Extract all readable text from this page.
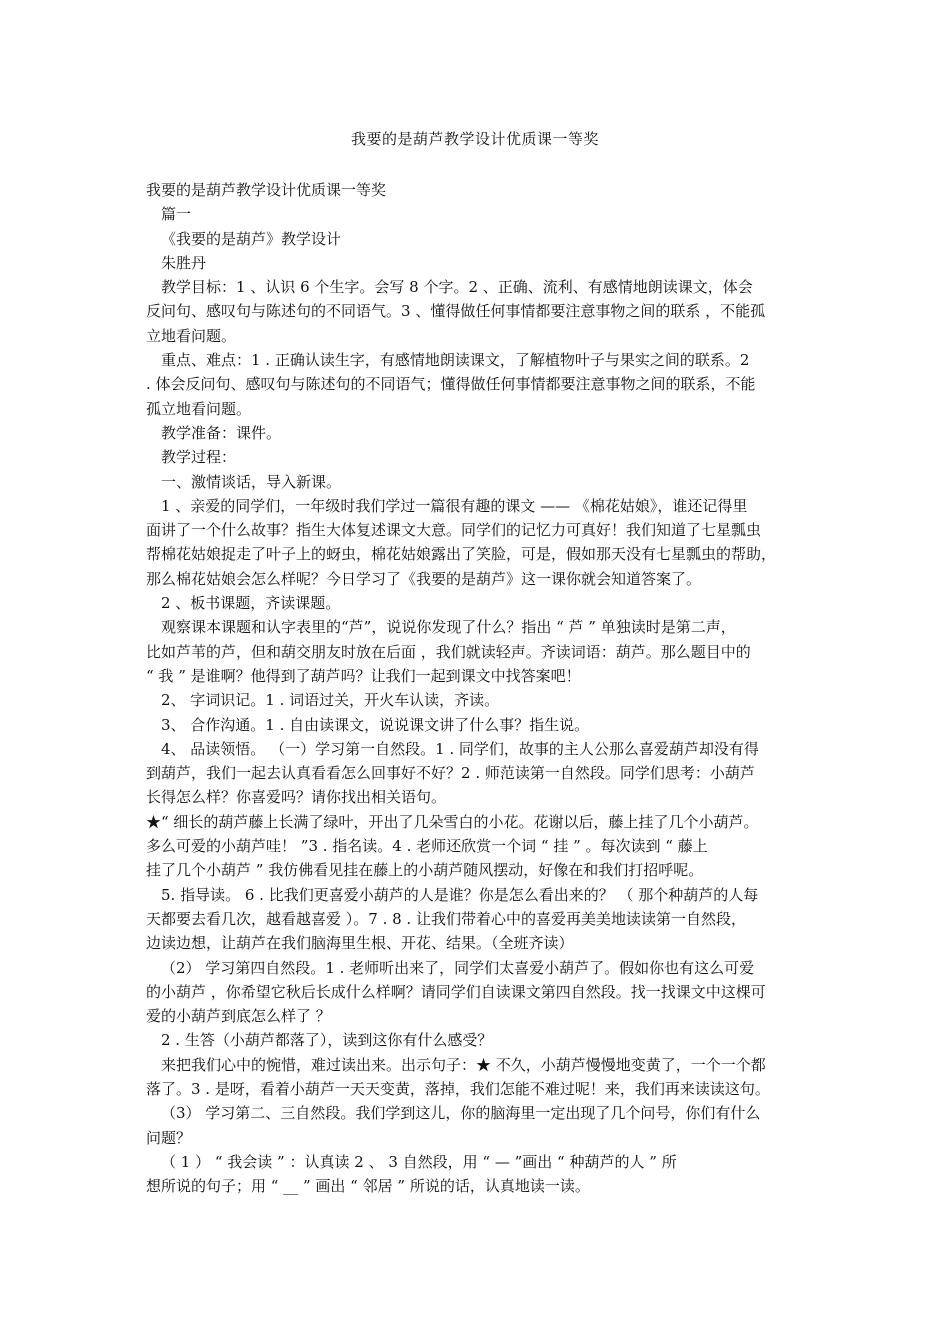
我要的是葫芦教学设计优质课一等奖

我要的是葫芦教学设计优质课一等奖

篇一

《我要的是葫芦》教学设计

朱胜丹

教学目标：1 、认识 6 个生字。会写 8 个字。2 、正确、流利、有感情地朗读课文，体会

反问句、感叹句与陈述句的不同语气。3 、懂得做任何事情都要注意事物之间的联系 ，不能孤

立地看问题。

重点、难点：1 . 正确认读生字，有感情地朗读课文，了解植物叶子与果实之间的联系。2

. 体会反问句、感叹句与陈述句的不同语气；懂得做任何事情都要注意事物之间的联系，不能

孤立地看问题。

教学准备：课件。

教学过程：

一、激情谈话，导入新课。

1 、亲爱的同学们，一年级时我们学过一篇很有趣的课文 —— 《棉花姑娘》，谁还记得里

面讲了一个什么故事？指生大体复述课文大意。同学们的记忆力可真好！我们知道了七星瓢虫

帮棉花姑娘捉走了叶子上的蚜虫，棉花姑娘露出了笑脸，可是，假如那天没有七星瓢虫的帮助，

那么棉花姑娘会怎么样呢？今日学习了《我要的是葫芦》这一课你就会知道答案了。

2 、板书课题，齐读课题。

观察课本课题和认字表里的“芦”，说说你发现了什么？指出 “ 芦 ” 单独读时是第二声，

比如芦苇的芦，但和葫交朋友时放在后面 ，我们就读轻声。齐读词语：葫芦。那么题目中的

“ 我 ” 是谁啊？他得到了葫芦吗？让我们一起到课文中找答案吧！

2、 字词识记。1 . 词语过关，开火车认读，齐读。

3、 合作沟通。1 . 自由读课文，说说课文讲了什么事？指生说。

4、 品读领悟。 （一）学习第一自然段。1 . 同学们，故事的主人公那么喜爱葫芦却没有得

到葫芦，我们一起去认真看看怎么回事好不好？2 . 师范读第一自然段。同学们思考：小葫芦

长得怎么样？你喜爱吗？请你找出相关语句。

★“ 细长的葫芦藤上长满了绿叶，开出了几朵雪白的小花。花谢以后，藤上挂了几个小葫芦。

多么可爱的小葫芦哇！ ”3 . 指名读。4 . 老师还欣赏一个词 “ 挂 ” 。每次读到 “ 藤上

挂了几个小葫芦 ” 我仿佛看见挂在藤上的小葫芦随风摆动，好像在和我们打招呼呢。

5. 指导读。 6 . 比我们更喜爱小葫芦的人是谁？你是怎么看出来的？ （ 那个种葫芦的人每

天都要去看几次，越看越喜爱 ）。7 . 8 . 让我们带着心中的喜爱再美美地读读第一自然段，

边读边想，让葫芦在我们脑海里生根、开花、结果。（全班齐读）

（2） 学习第四自然段。1 . 老师听出来了，同学们太喜爱小葫芦了。假如你也有这么可爱

的小葫芦 ，你希望它秋后长成什么样啊？请同学们自读课文第四自然段。找一找课文中这棵可

爱的小葫芦到底怎么样了 ？

2 . 生答（小葫芦都落了），读到这你有什么感受？

来把我们心中的惋惜，难过读出来。出示句子：★ 不久，小葫芦慢慢地变黄了，一个一个都

落了。3 . 是呀，看着小葫芦一天天变黄，落掉，我们怎能不难过呢！来，我们再来读读这句。

（3） 学习第二、三自然段。我们学到这儿，你的脑海里一定出现了几个问号，你们有什么

问题？

（ 1 ） “ 我会读 ” ：认真读 2 、 3 自然段，用 “ — ”画出 “ 种葫芦的人 ” 所

想所说的句子；用 “ __ ” 画出 “ 邻居 ” 所说的话，认真地读一读。
